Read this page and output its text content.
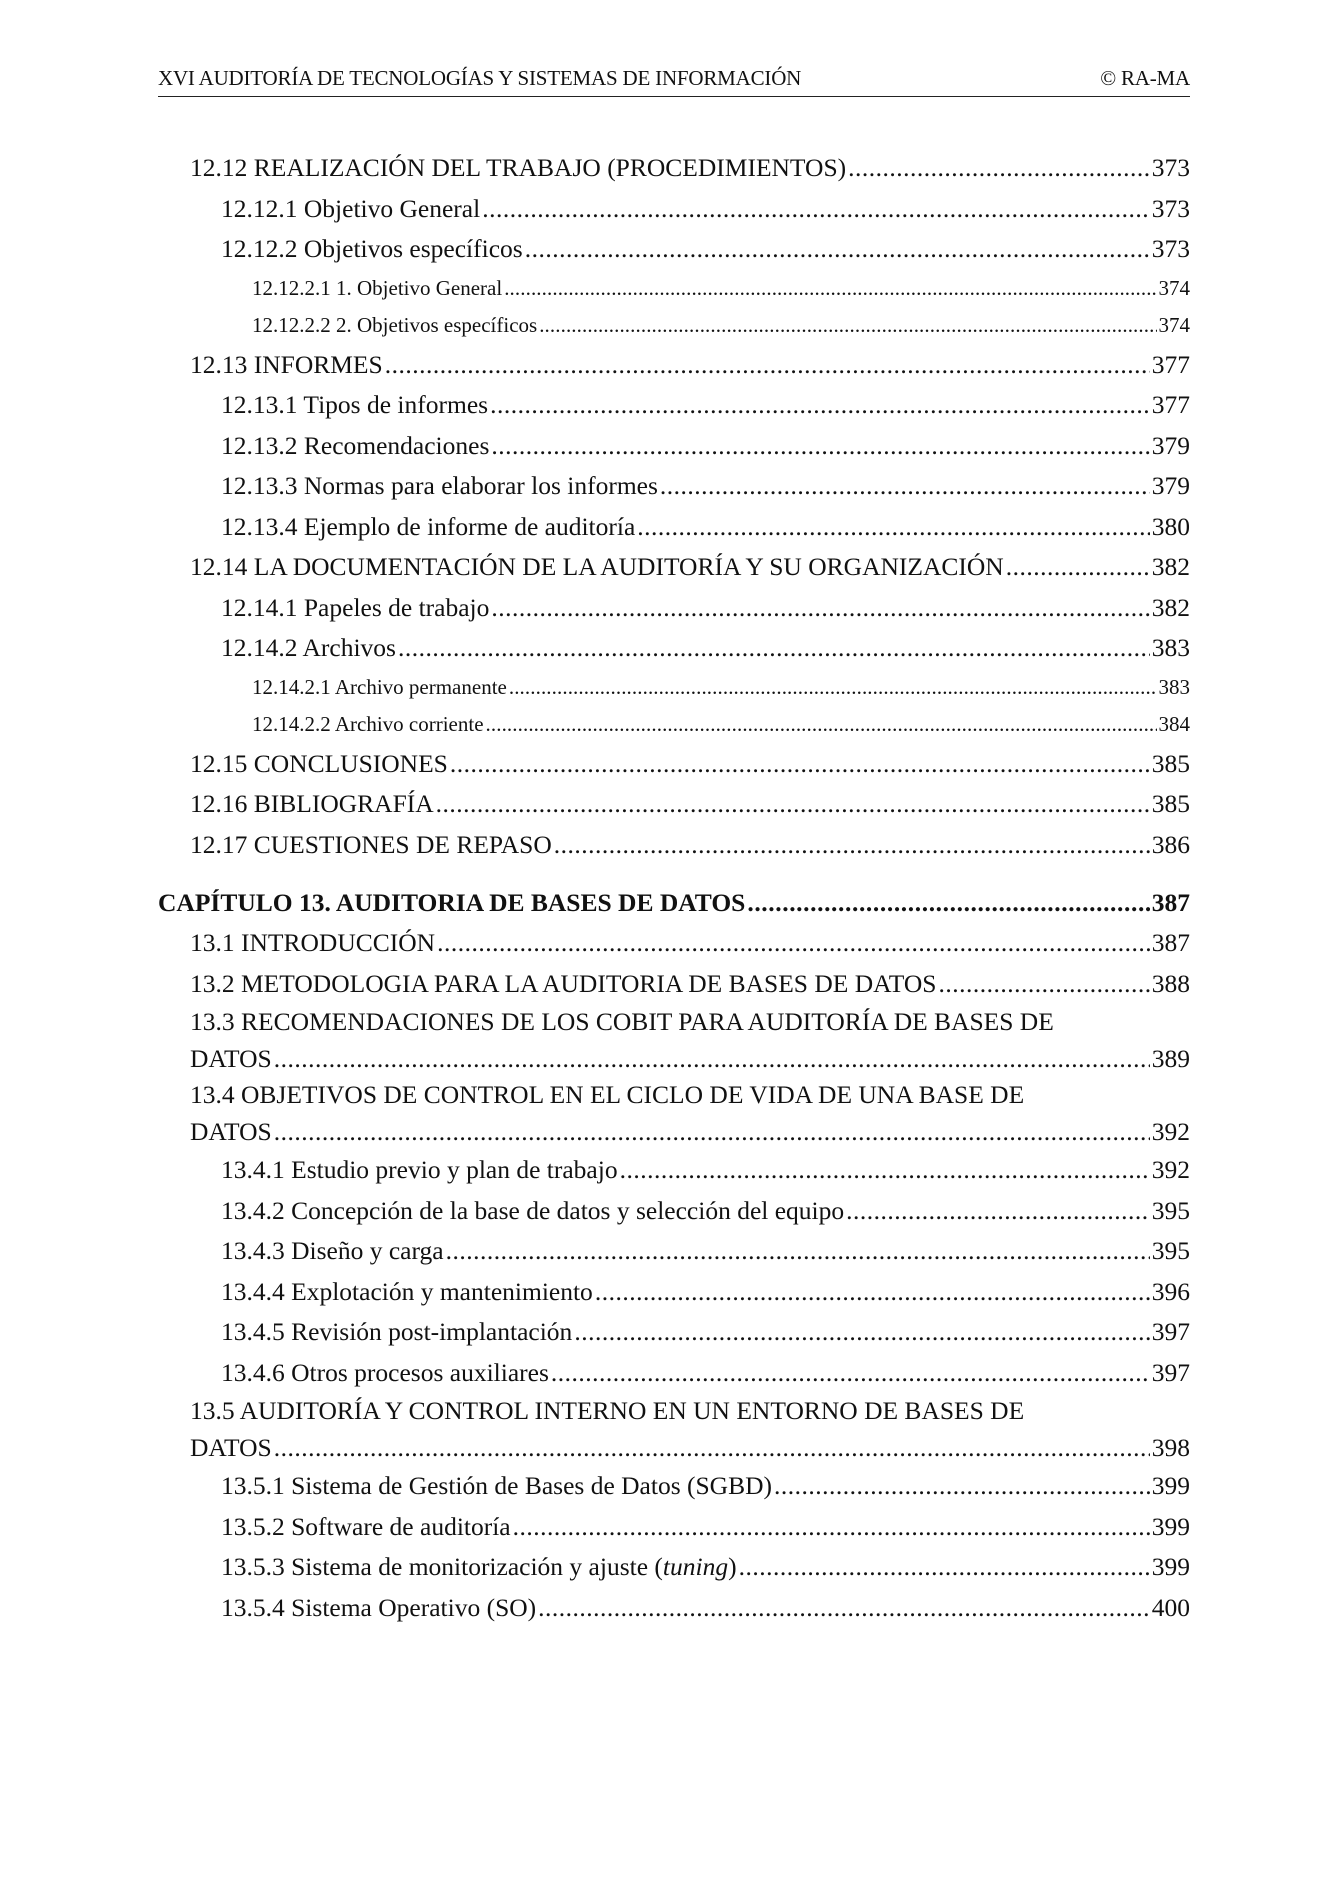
XVI AUDITORÍA DE TECNOLOGÍAS Y SISTEMAS DE INFORMACIÓN	© RA-MA
12.12 REALIZACIÓN DEL TRABAJO (PROCEDIMIENTOS) .....	373
12.12.1 Objetivo General .....	373
12.12.2 Objetivos específicos .....	373
12.12.2.1 1. Objetivo General .....	374
12.12.2.2 2. Objetivos específicos .....	374
12.13 INFORMES .....	377
12.13.1 Tipos de informes .....	377
12.13.2 Recomendaciones .....	379
12.13.3 Normas para elaborar los informes .....	379
12.13.4 Ejemplo de informe de auditoría .....	380
12.14 LA DOCUMENTACIÓN DE LA AUDITORÍA Y SU ORGANIZACIÓN .....	382
12.14.1 Papeles de trabajo .....	382
12.14.2 Archivos .....	383
12.14.2.1 Archivo permanente .....	383
12.14.2.2 Archivo corriente .....	384
12.15 CONCLUSIONES .....	385
12.16 BIBLIOGRAFÍA .....	385
12.17 CUESTIONES DE REPASO .....	386
CAPÍTULO 13. AUDITORIA DE BASES DE DATOS .....	387
13.1 INTRODUCCIÓN .....	387
13.2 METODOLOGIA PARA LA AUDITORIA DE BASES DE DATOS .....	388
13.3 RECOMENDACIONES DE LOS COBIT PARA AUDITORÍA DE BASES DE
DATOS .....	389
13.4 OBJETIVOS DE CONTROL EN EL CICLO DE VIDA DE UNA BASE DE
DATOS .....	392
13.4.1 Estudio previo y plan de trabajo .....	392
13.4.2 Concepción de la base de datos y selección del equipo .....	395
13.4.3 Diseño y carga .....	395
13.4.4 Explotación y mantenimiento .....	396
13.4.5 Revisión post-implantación .....	397
13.4.6 Otros procesos auxiliares .....	397
13.5 AUDITORÍA Y CONTROL INTERNO EN UN ENTORNO DE BASES DE
DATOS .....	398
13.5.1 Sistema de Gestión de Bases de Datos (SGBD) .....	399
13.5.2 Software de auditoría .....	399
13.5.3 Sistema de monitorización y ajuste (tuning) .....	399
13.5.4 Sistema Operativo (SO) .....	400
